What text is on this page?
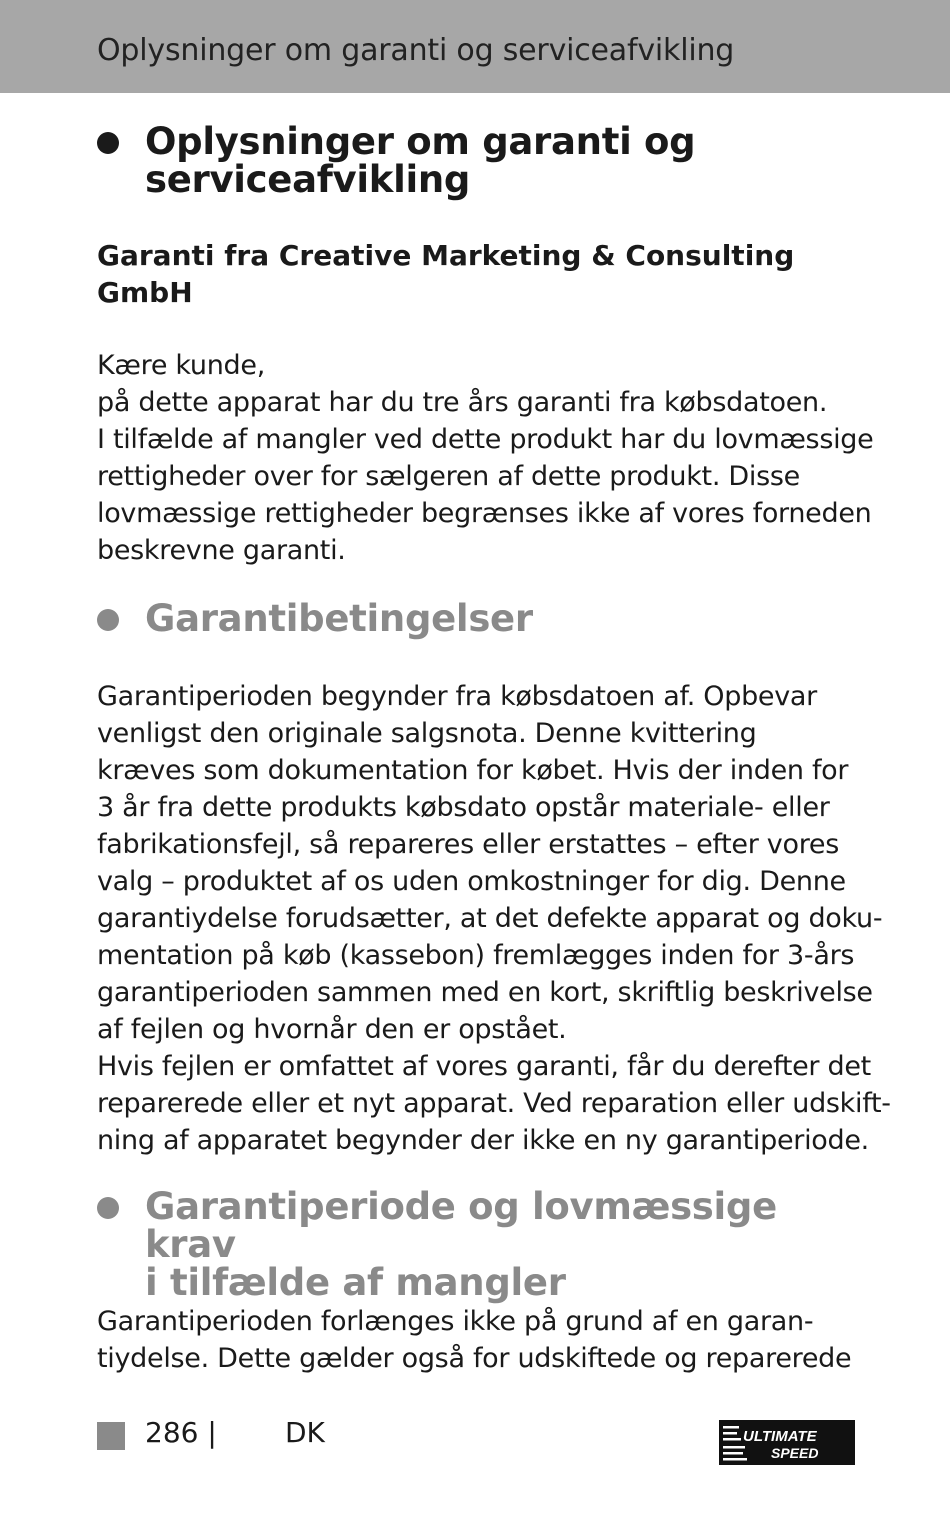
Oplysninger om garanti og serviceafvikling
Oplysninger om garanti og
serviceafvikling

Garanti fra Creative Marketing & Consulting
GmbH

Kære kunde,
på dette apparat har du tre års garanti fra købsdatoen.
I tilfælde af mangler ved dette produkt har du lovmæssige
rettigheder over for sælgeren af dette produkt. Disse
lovmæssige rettigheder begrænses ikke af vores forneden
beskrevne garanti.

Garantibetingelser

Garantiperioden begynder fra købsdatoen af. Opbevar
venligst den originale salgsnota. Denne kvittering
kræves som dokumentation for købet. Hvis der inden for
3 år fra dette produkts købsdato opstår materiale- eller
fabrikationsfejl, så repareres eller erstattes – efter vores
valg – produktet af os uden omkostninger for dig. Denne
garantiydelse forudsætter, at det defekte apparat og doku-
mentation på køb (kassebon) fremlægges inden for 3-års
garantiperioden sammen med en kort, skriftlig beskrivelse
af fejlen og hvornår den er opstået.
Hvis fejlen er omfattet af vores garanti, får du derefter det
reparerede eller et nyt apparat. Ved reparation eller udskift-
ning af apparatet begynder der ikke en ny garantiperiode.

Garantiperiode og lovmæssige krav
i tilfælde af mangler

Garantiperioden forlænges ikke på grund af en garan-
tiydelse. Dette gælder også for udskiftede og reparerede

286 | DK	ULTIMATE
SPEED
